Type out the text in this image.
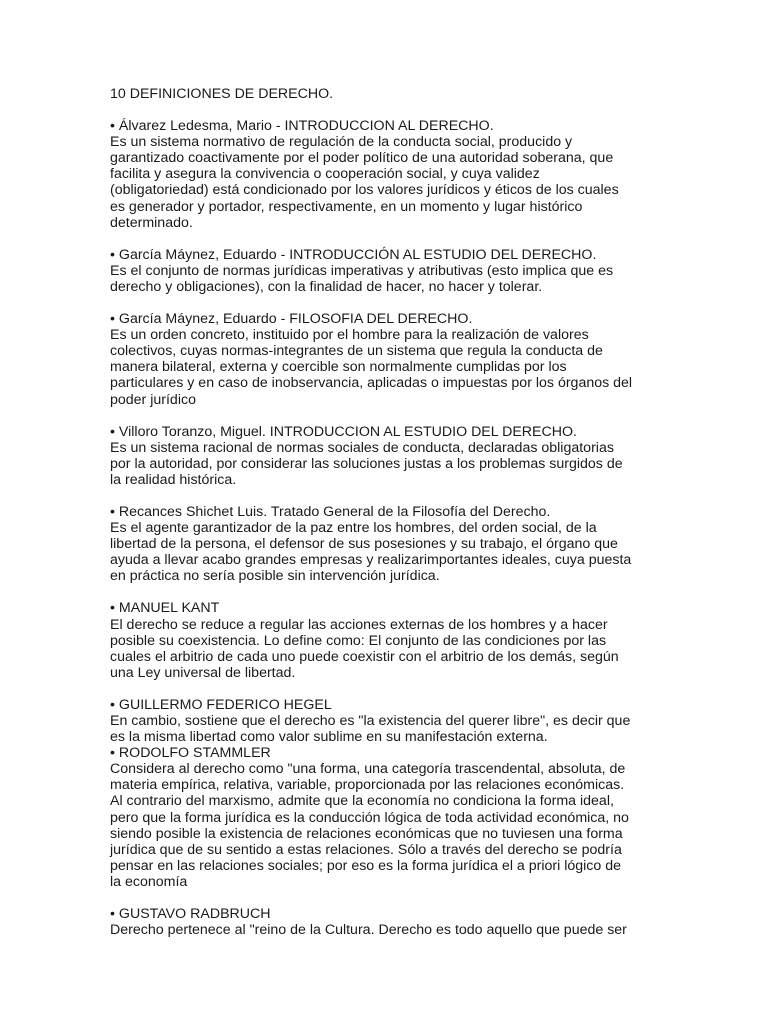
10 DEFINICIONES DE DERECHO.
• Álvarez Ledesma, Mario - INTRODUCCION AL DERECHO.
Es un sistema normativo de regulación de la conducta social, producido y
garantizado coactivamente por el poder político de una autoridad soberana, que
facilita y asegura la convivencia o cooperación social, y cuya validez
(obligatoriedad) está condicionado por los valores jurídicos y éticos de los cuales
es generador y portador, respectivamente, en un momento y lugar histórico
determinado.
• García Máynez, Eduardo - INTRODUCCIÓN AL ESTUDIO DEL DERECHO.
Es el conjunto de normas jurídicas imperativas y atributivas (esto implica que es
derecho y obligaciones), con la finalidad de hacer, no hacer y tolerar.
• García Máynez, Eduardo - FILOSOFIA DEL DERECHO.
Es un orden concreto, instituido por el hombre para la realización de valores
colectivos, cuyas normas-integrantes de un sistema que regula la conducta de
manera bilateral, externa y coercible son normalmente cumplidas por los
particulares y en caso de inobservancia, aplicadas o impuestas por los órganos del
poder jurídico
• Villoro Toranzo, Miguel. INTRODUCCION AL ESTUDIO DEL DERECHO.
Es un sistema racional de normas sociales de conducta, declaradas obligatorias
por la autoridad, por considerar las soluciones justas a los problemas surgidos de
la realidad histórica.
• Recances Shichet Luis. Tratado General de la Filosofía del Derecho.
Es el agente garantizador de la paz entre los hombres, del orden social, de la
libertad de la persona, el defensor de sus posesiones y su trabajo, el órgano que
ayuda a llevar acabo grandes empresas y realizarimportantes ideales, cuya puesta
en práctica no sería posible sin intervención jurídica.
• MANUEL KANT
El derecho se reduce a regular las acciones externas de los hombres y a hacer
posible su coexistencia. Lo define como: El conjunto de las condiciones por las
cuales el arbitrio de cada uno puede coexistir con el arbitrio de los demás, según
una Ley universal de libertad.
• GUILLERMO FEDERICO HEGEL
En cambio, sostiene que el derecho es "la existencia del querer libre", es decir que
es la misma libertad como valor sublime en su manifestación externa.
• RODOLFO STAMMLER
Considera al derecho como "una forma, una categoría trascendental, absoluta, de
materia empírica, relativa, variable, proporcionada por las relaciones económicas.
Al contrario del marxismo, admite que la economía no condiciona la forma ideal,
pero que la forma jurídica es la conducción lógica de toda actividad económica, no
siendo posible la existencia de relaciones económicas que no tuviesen una forma
jurídica que de su sentido a estas relaciones. Sólo a través del derecho se podría
pensar en las relaciones sociales; por eso es la forma jurídica el a priori lógico de
la economía
• GUSTAVO RADBRUCH
Derecho pertenece al "reino de la Cultura. Derecho es todo aquello que puede ser
